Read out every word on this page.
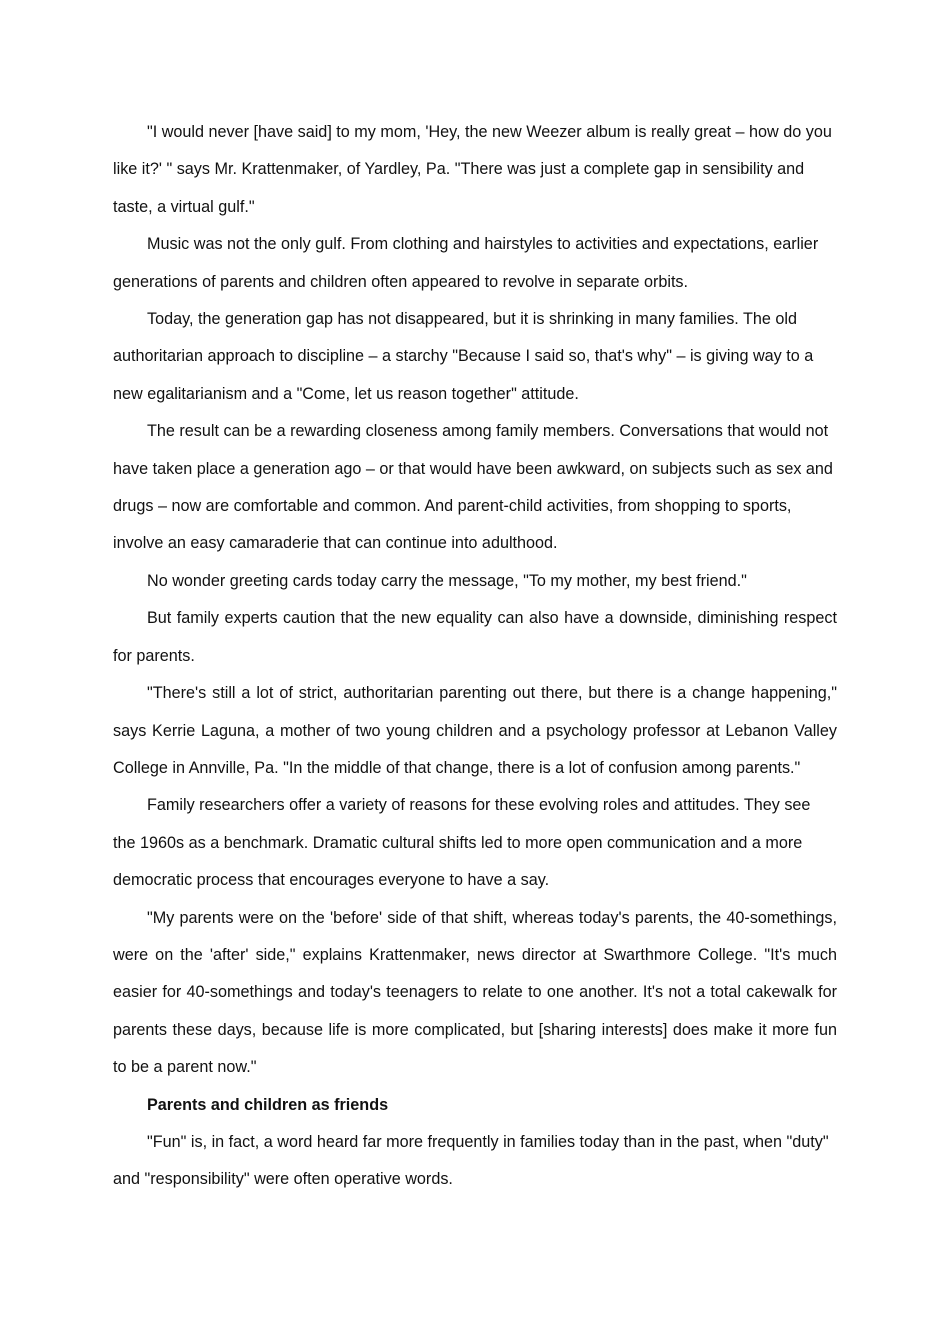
"I would never [have said] to my mom, 'Hey, the new Weezer album is really great – how do you like it?' " says Mr. Krattenmaker, of Yardley, Pa. "There was just a complete gap in sensibility and taste, a virtual gulf."

Music was not the only gulf. From clothing and hairstyles to activities and expectations, earlier generations of parents and children often appeared to revolve in separate orbits.

Today, the generation gap has not disappeared, but it is shrinking in many families. The old authoritarian approach to discipline – a starchy "Because I said so, that's why" – is giving way to a new egalitarianism and a "Come, let us reason together" attitude.

The result can be a rewarding closeness among family members. Conversations that would not have taken place a generation ago – or that would have been awkward, on subjects such as sex and drugs – now are comfortable and common. And parent-child activities, from shopping to sports, involve an easy camaraderie that can continue into adulthood.

No wonder greeting cards today carry the message, "To my mother, my best friend."

But family experts caution that the new equality can also have a downside, diminishing respect for parents.

"There's still a lot of strict, authoritarian parenting out there, but there is a change happening," says Kerrie Laguna, a mother of two young children and a psychology professor at Lebanon Valley College in Annville, Pa. "In the middle of that change, there is a lot of confusion among parents."

Family researchers offer a variety of reasons for these evolving roles and attitudes. They see the 1960s as a benchmark. Dramatic cultural shifts led to more open communication and a more democratic process that encourages everyone to have a say.

"My parents were on the 'before' side of that shift, whereas today's parents, the 40-somethings, were on the 'after' side," explains Krattenmaker, news director at Swarthmore College. "It's much easier for 40-somethings and today's teenagers to relate to one another. It's not a total cakewalk for parents these days, because life is more complicated, but [sharing interests] does make it more fun to be a parent now."

Parents and children as friends

"Fun" is, in fact, a word heard far more frequently in families today than in the past, when "duty" and "responsibility" were often operative words.
